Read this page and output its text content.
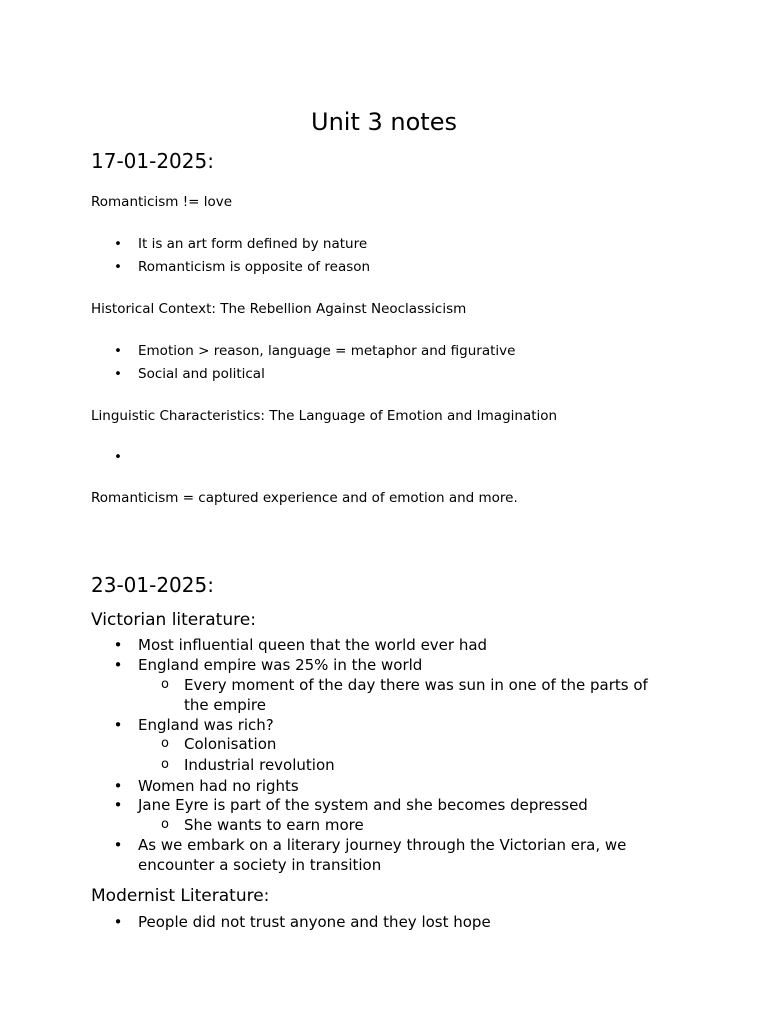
Unit 3 notes
17-01-2025:
Romanticism != love
• It is an art form defined by nature
• Romanticism is opposite of reason
Historical Context: The Rebellion Against Neoclassicism
• Emotion > reason, language = metaphor and figurative
• Social and political
Linguistic Characteristics: The Language of Emotion and Imagination
•
Romanticism = captured experience and of emotion and more.
23-01-2025:
Victorian literature:
• Most influential queen that the world ever had
• England empire was 25% in the world
o Every moment of the day there was sun in one of the parts of
the empire
• England was rich?
o Colonisation
o Industrial revolution
• Women had no rights
• Jane Eyre is part of the system and she becomes depressed
o She wants to earn more
• As we embark on a literary journey through the Victorian era, we
encounter a society in transition
Modernist Literature:
• People did not trust anyone and they lost hope
